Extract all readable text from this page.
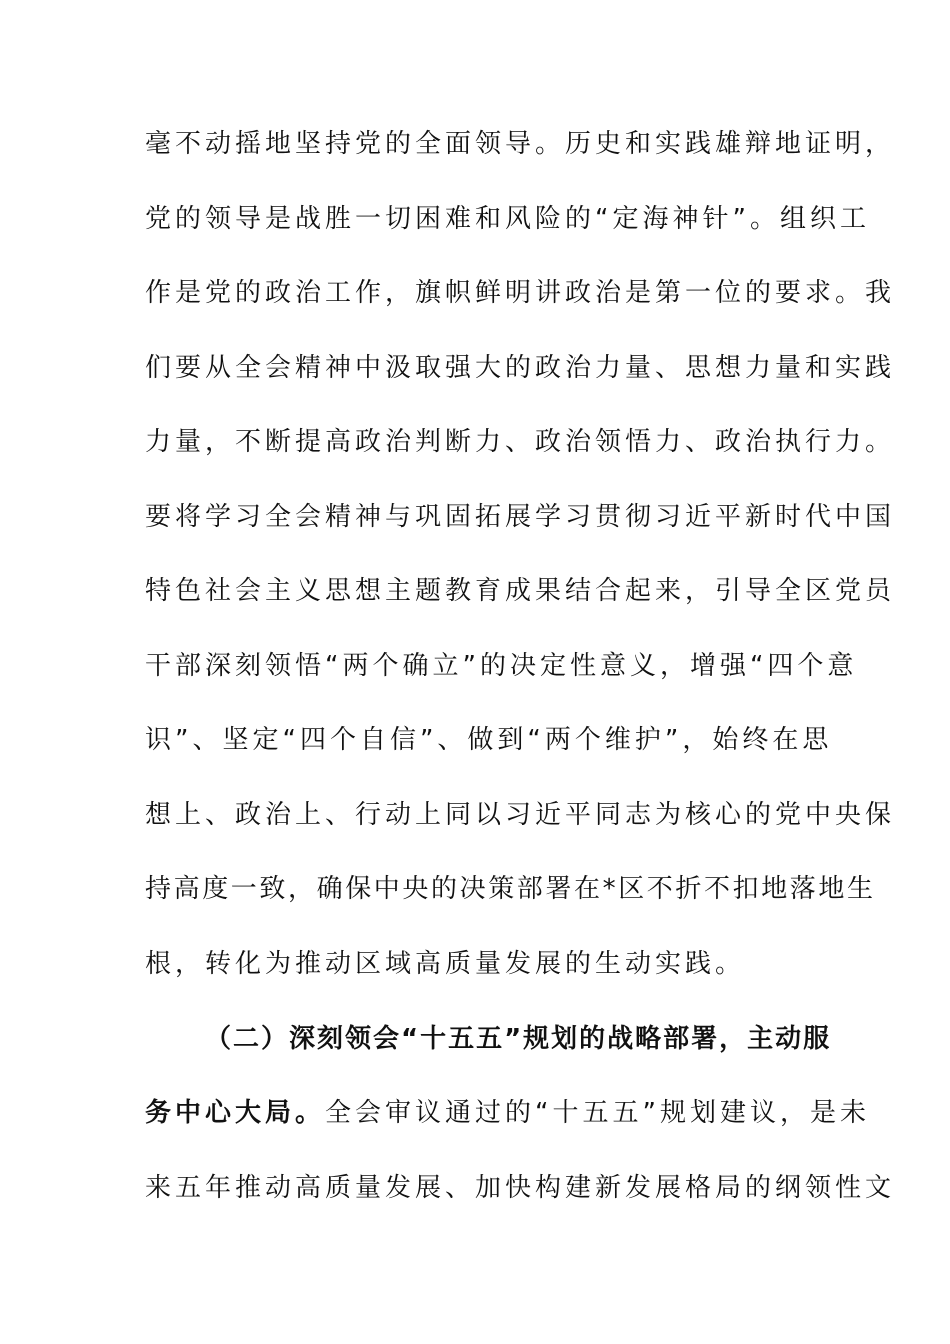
毫不动摇地坚持党的全面领导。历史和实践雄辩地证明，
党的领导是战胜一切困难和风险的“定海神针”。组织工
作是党的政治工作，旗帜鲜明讲政治是第一位的要求。我
们要从全会精神中汲取强大的政治力量、思想力量和实践
力量，不断提高政治判断力、政治领悟力、政治执行力。
要将学习全会精神与巩固拓展学习贯彻习近平新时代中国
特色社会主义思想主题教育成果结合起来，引导全区党员
干部深刻领悟“两个确立”的决定性意义，增强“四个意
识”、坚定“四个自信”、做到“两个维护”，始终在思
想上、政治上、行动上同以习近平同志为核心的党中央保
持高度一致，确保中央的决策部署在*区不折不扣地落地生
根，转化为推动区域高质量发展的生动实践。
（二）深刻领会“十五五”规划的战略部署，主动服
务中心大局。全会审议通过的“十五五”规划建议，是未
来五年推动高质量发展、加快构建新发展格局的纲领性文
